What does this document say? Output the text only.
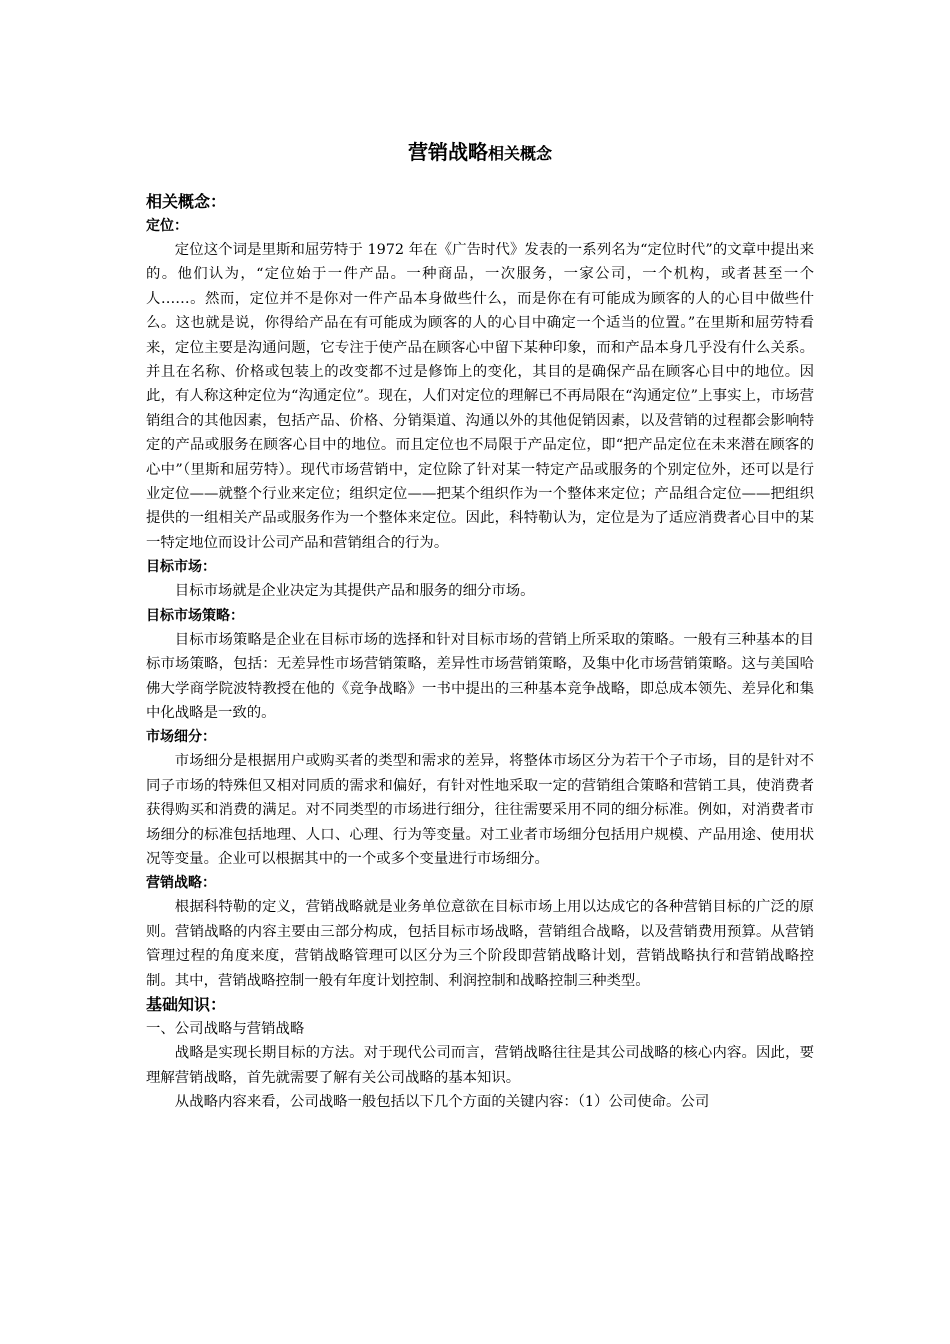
营销战略相关概念

相关概念：

定位：

定位这个词是里斯和屈劳特于 1972 年在《广告时代》发表的一系列名为“定位时代”的文章中提出来的。他们认为，“定位始于一件产品。一种商品，一次服务，一家公司，一个机构，或者甚至一个人……。然而，定位并不是你对一件产品本身做些什么，而是你在有可能成为顾客的人的心目中做些什么。这也就是说，你得给产品在有可能成为顾客的人的心目中确定一个适当的位置。”在里斯和屈劳特看来，定位主要是沟通问题，它专注于使产品在顾客心中留下某种印象，而和产品本身几乎没有什么关系。并且在名称、价格或包装上的改变都不过是修饰上的变化，其目的是确保产品在顾客心目中的地位。因此，有人称这种定位为“沟通定位”。现在，人们对定位的理解已不再局限在“沟通定位”上事实上，市场营销组合的其他因素，包括产品、价格、分销渠道、沟通以外的其他促销因素，以及营销的过程都会影响特定的产品或服务在顾客心目中的地位。而且定位也不局限于产品定位，即“把产品定位在未来潜在顾客的心中”（里斯和屈劳特）。现代市场营销中，定位除了针对某一特定产品或服务的个别定位外，还可以是行业定位——就整个行业来定位；组织定位——把某个组织作为一个整体来定位；产品组合定位——把组织提供的一组相关产品或服务作为一个整体来定位。因此，科特勒认为，定位是为了适应消费者心目中的某一特定地位而设计公司产品和营销组合的行为。

目标市场：

目标市场就是企业决定为其提供产品和服务的细分市场。

目标市场策略：

目标市场策略是企业在目标市场的选择和针对目标市场的营销上所采取的策略。一般有三种基本的目标市场策略，包括：无差异性市场营销策略，差异性市场营销策略，及集中化市场营销策略。这与美国哈佛大学商学院波特教授在他的《竞争战略》一书中提出的三种基本竞争战略，即总成本领先、差异化和集中化战略是一致的。

市场细分：

市场细分是根据用户或购买者的类型和需求的差异，将整体市场区分为若干个子市场，目的是针对不同子市场的特殊但又相对同质的需求和偏好，有针对性地采取一定的营销组合策略和营销工具，使消费者获得购买和消费的满足。对不同类型的市场进行细分，往往需要采用不同的细分标准。例如，对消费者市场细分的标准包括地理、人口、心理、行为等变量。对工业者市场细分包括用户规模、产品用途、使用状况等变量。企业可以根据其中的一个或多个变量进行市场细分。

营销战略：

根据科特勒的定义，营销战略就是业务单位意欲在目标市场上用以达成它的各种营销目标的广泛的原则。营销战略的内容主要由三部分构成，包括目标市场战略，营销组合战略，以及营销费用预算。从营销管理过程的角度来度，营销战略管理可以区分为三个阶段即营销战略计划，营销战略执行和营销战略控制。其中，营销战略控制一般有年度计划控制、利润控制和战略控制三种类型。

基础知识：

一、公司战略与营销战略

战略是实现长期目标的方法。对于现代公司而言，营销战略往往是其公司战略的核心内容。因此，要理解营销战略，首先就需要了解有关公司战略的基本知识。

从战略内容来看，公司战略一般包括以下几个方面的关键内容：（1）公司使命。公司
